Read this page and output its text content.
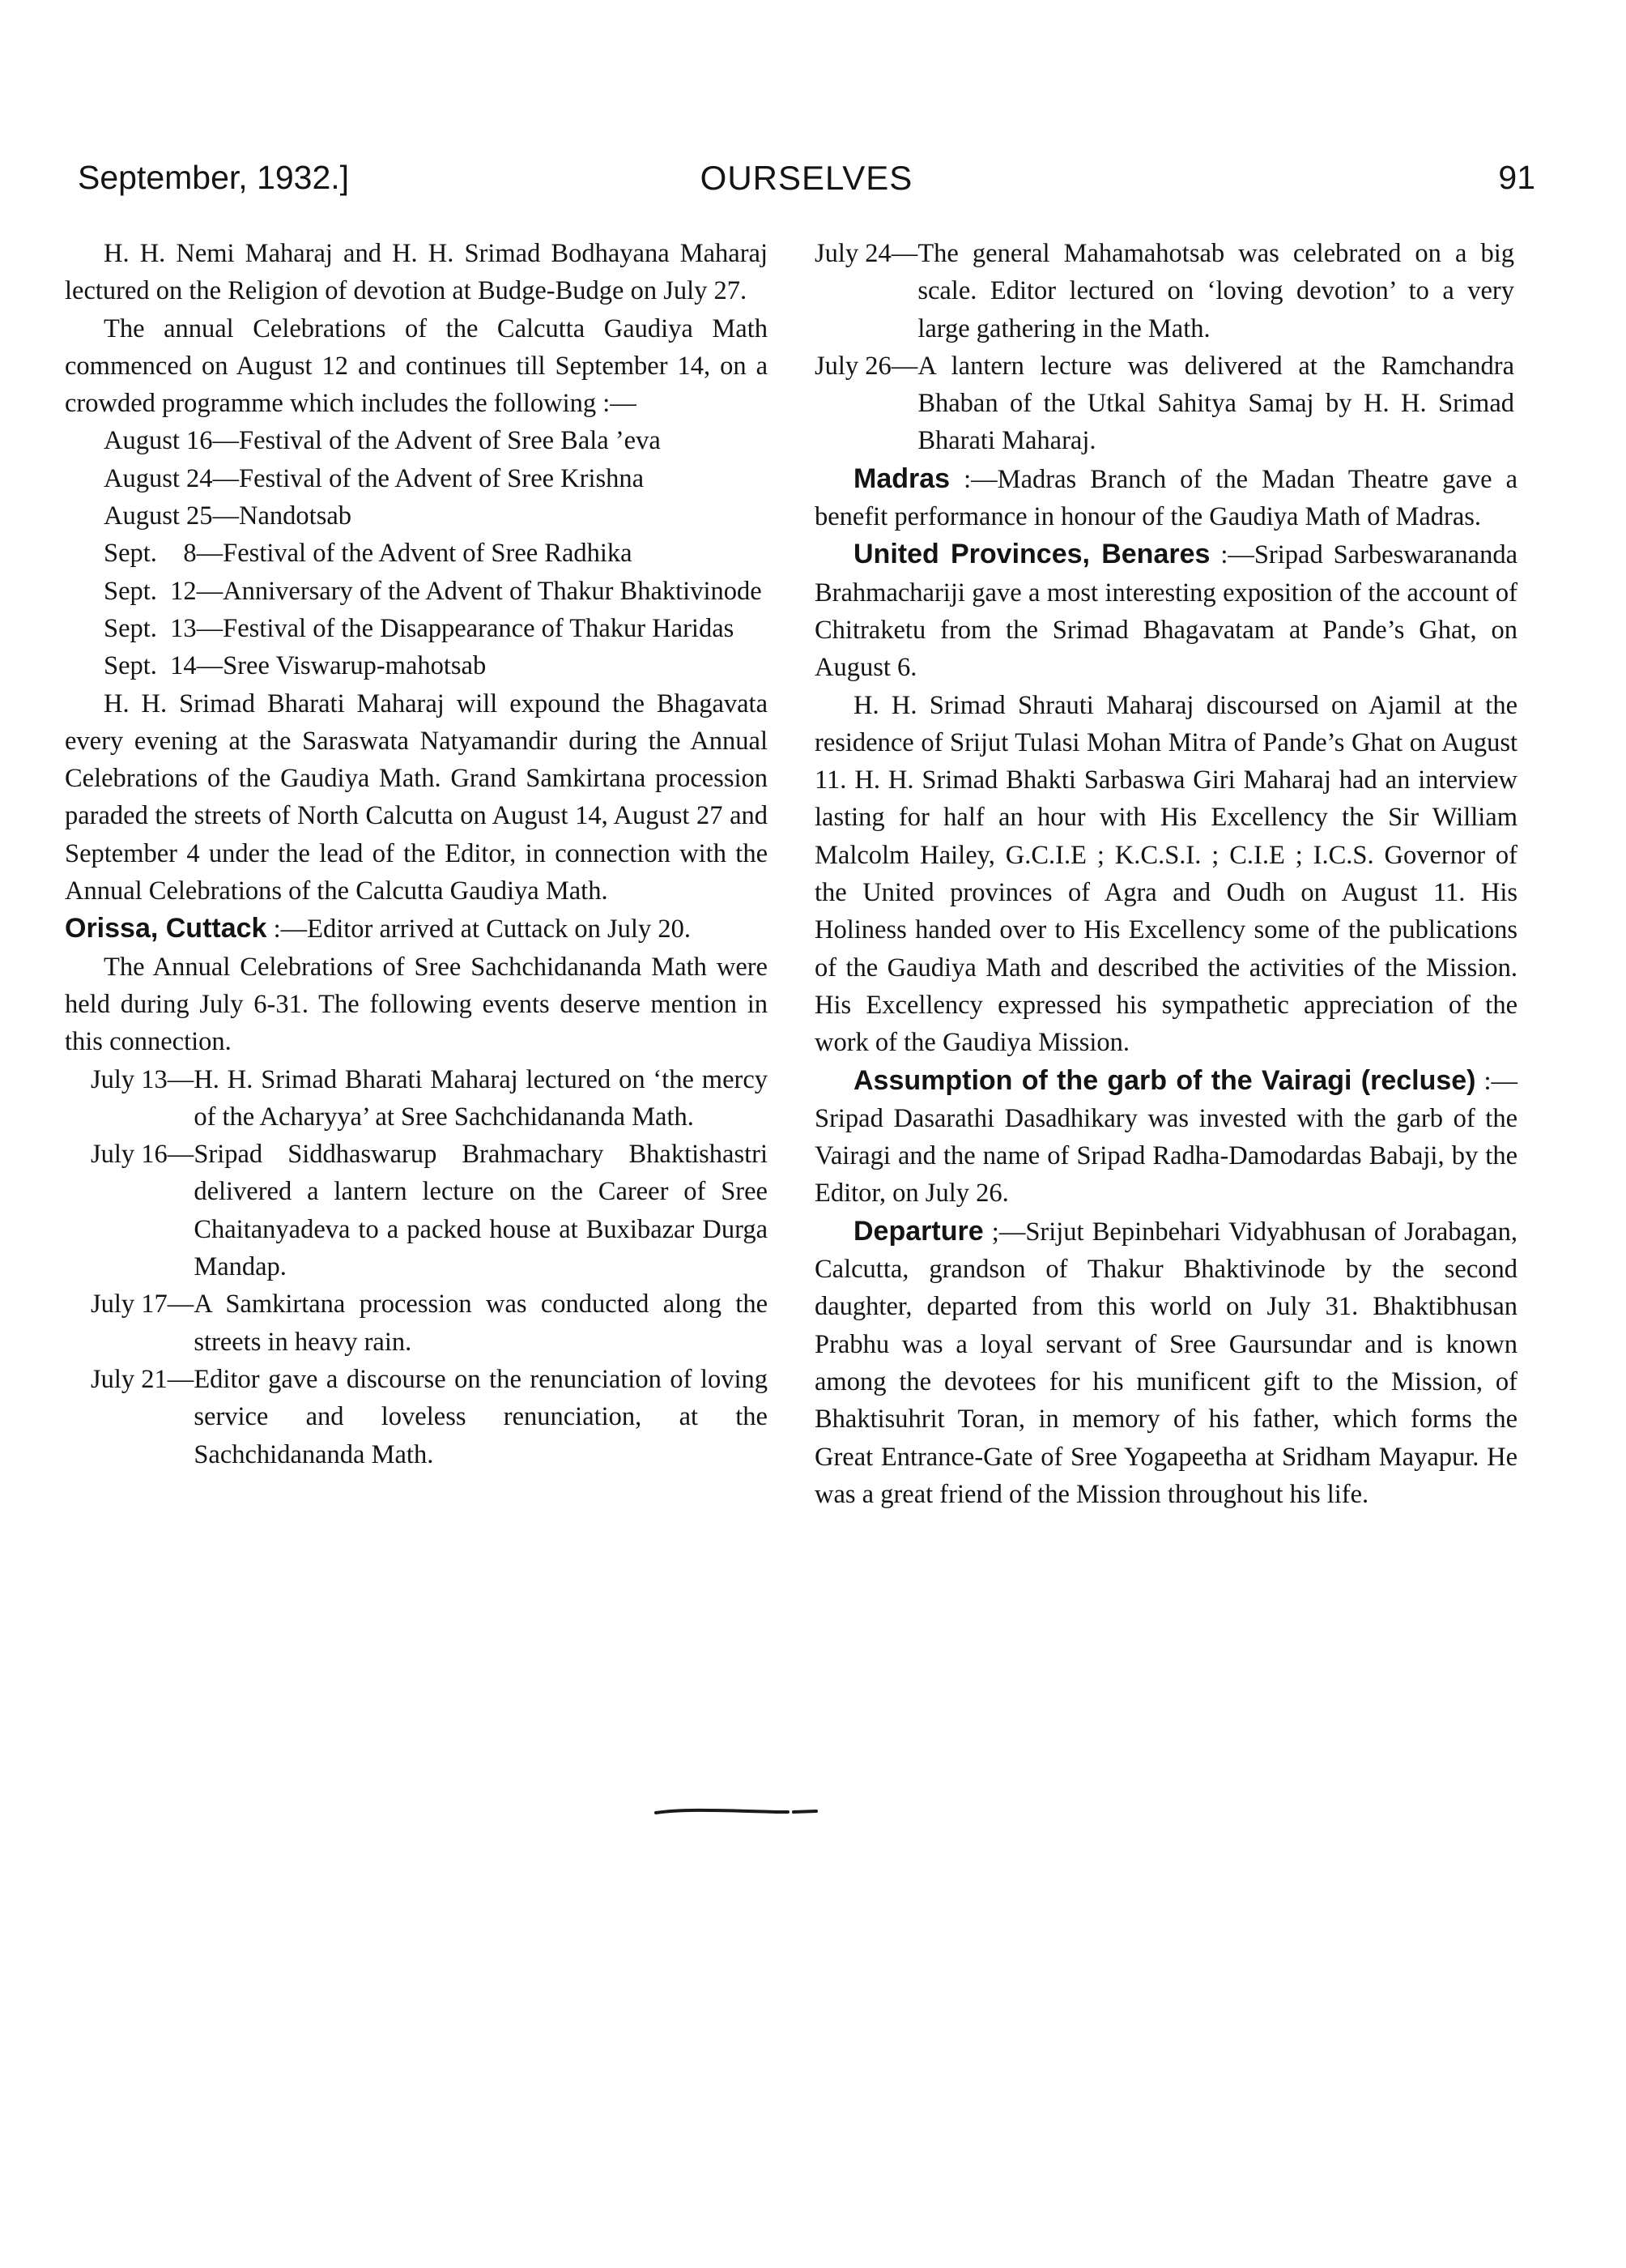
September, 1932.]	OURSELVES	91

H. H. Nemi Maharaj and H. H. Srimad Bodhayana Maharaj lectured on the Religion of devotion at Budge-Budge on July 27.

The annual Celebrations of the Calcutta Gaudiya Math commenced on August 12 and continues till September 14, on a crowded programme which includes the following :—

August 16— Festival of the Advent of Sree Bala ’eva
August 24— Festival of the Advent of Sree Krishna
August 25— Nandotsab
Sept.    8— Festival of the Advent of Sree Radhika
Sept.  12— Anniversary of the Advent of Thakur Bhaktivinode
Sept.  13— Festival of the Disappearance of Thakur Haridas
Sept.  14— Sree Viswarup-mahotsab

H. H. Srimad Bharati Maharaj will expound the Bhagavata every evening at the Saraswata Natyamandir during the Annual Celebrations of the Gaudiya Math. Grand Samkirtana procession paraded the streets of North Calcutta on August 14, August 27 and September 4 under the lead of the Editor, in connection with the Annual Celebrations of the Calcutta Gaudiya Math.

Orissa, Cuttack :—Editor arrived at Cuttack on July 20.

The Annual Celebrations of Sree Sachchidananda Math were held during July 6-31. The following events deserve mention in this connection.

July 13— H. H. Srimad Bharati Maharaj lectured on ‘the mercy of the Acharyya’ at Sree Sachchidananda Math.
July 16— Sripad Siddhaswarup Brahmachary Bhaktishastri delivered a lantern lecture on the Career of Sree Chaitanyadeva to a packed house at Buxibazar Durga Mandap.
July 17— A Samkirtana procession was conducted along the streets in heavy rain.
July 21— Editor gave a discourse on the renunciation of loving service and loveless renunciation, at the Sachchidananda Math.
July 24— The general Mahamahotsab was celebrated on a big scale. Editor lectured on ‘loving devotion’ to a very large gathering in the Math.
July 26— A lantern lecture was delivered at the Ramchandra Bhaban of the Utkal Sahitya Samaj by H. H. Srimad Bharati Maharaj.

Madras :—Madras Branch of the Madan Theatre gave a benefit performance in honour of the Gaudiya Math of Madras.

United Provinces, Benares :—Sripad Sarbeswarananda Brahmachariji gave a most interesting exposition of the account of Chitraketu from the Srimad Bhagavatam at Pande’s Ghat, on August 6.

H. H. Srimad Shrauti Maharaj discoursed on Ajamil at the residence of Srijut Tulasi Mohan Mitra of Pande’s Ghat on August 11. H. H. Srimad Bhakti Sarbaswa Giri Maharaj had an interview lasting for half an hour with His Excellency the Sir William Malcolm Hailey, G.C.I.E ; K.C.S.I. ; C.I.E ; I.C.S. Governor of the United provinces of Agra and Oudh on August 11. His Holiness handed over to His Excellency some of the publications of the Gaudiya Math and described the activities of the Mission. His Excellency expressed his sympathetic appreciation of the work of the Gaudiya Mission.

Assumption of the garb of the Vairagi (recluse) :—Sripad Dasarathi Dasadhikary was invested with the garb of the Vairagi and the name of Sripad Radha-Damodardas Babaji, by the Editor, on July 26.

Departure ;—Srijut Bepinbehari Vidyabhusan of Jorabagan, Calcutta, grandson of Thakur Bhaktivinode by the second daughter, departed from this world on July 31. Bhaktibhusan Prabhu was a loyal servant of Sree Gaursundar and is known among the devotees for his munificent gift to the Mission, of Bhaktisuhrit Toran, in memory of his father, which forms the Great Entrance-Gate of Sree Yogapeetha at Sridham Mayapur. He was a great friend of the Mission throughout his life.
